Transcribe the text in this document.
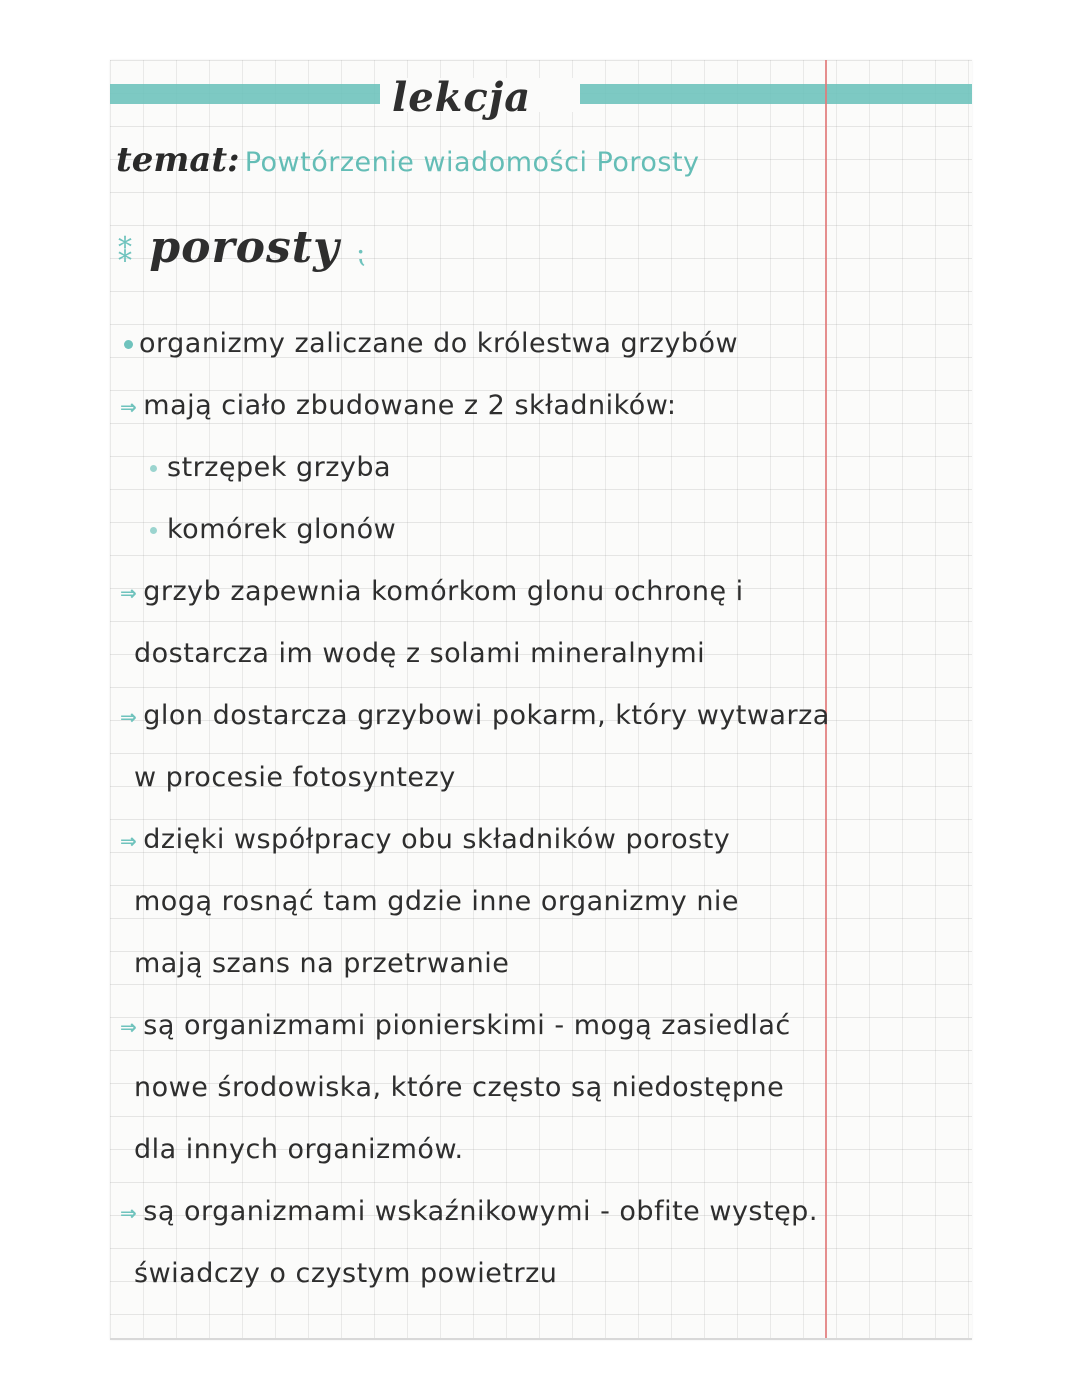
lekcja
temat: Powtórzenie wiadomości Porosty
⁑ porosty ⁏
organizmy zaliczane do królestwa grzybów
⇒ mają ciało zbudowane z 2 składników:
strzępek grzyba
komórek glonów
⇒ grzyb zapewnia komórkom glonu ochronę i
dostarcza im wodę z solami mineralnymi
⇒ glon dostarcza grzybowi pokarm, który wytwarza
w procesie fotosyntezy
⇒ dzięki współpracy obu składników porosty
mogą rosnąć tam gdzie inne organizmy nie
mają szans na przetrwanie
⇒ są organizmami pionierskimi - mogą zasiedlać
nowe środowiska, które często są niedostępne
dla innych organizmów.
⇒ są organizmami wskaźnikowymi - obfite występ.
świadczy o czystym powietrzu
